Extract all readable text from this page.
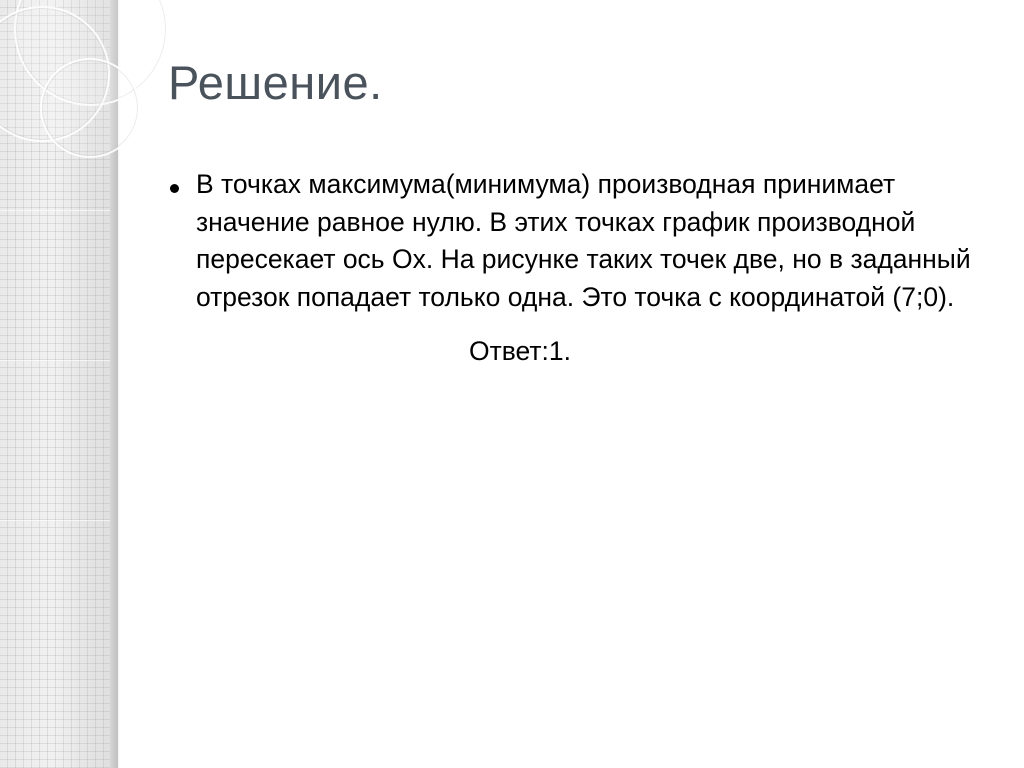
Решение.
В точках максимума(минимума) производная принимает значение равное нулю. В этих точках график производной пересекает ось Ox. На рисунке таких точек две, но в заданный отрезок попадает только одна. Это точка с координатой (7;0).
Ответ:1.
